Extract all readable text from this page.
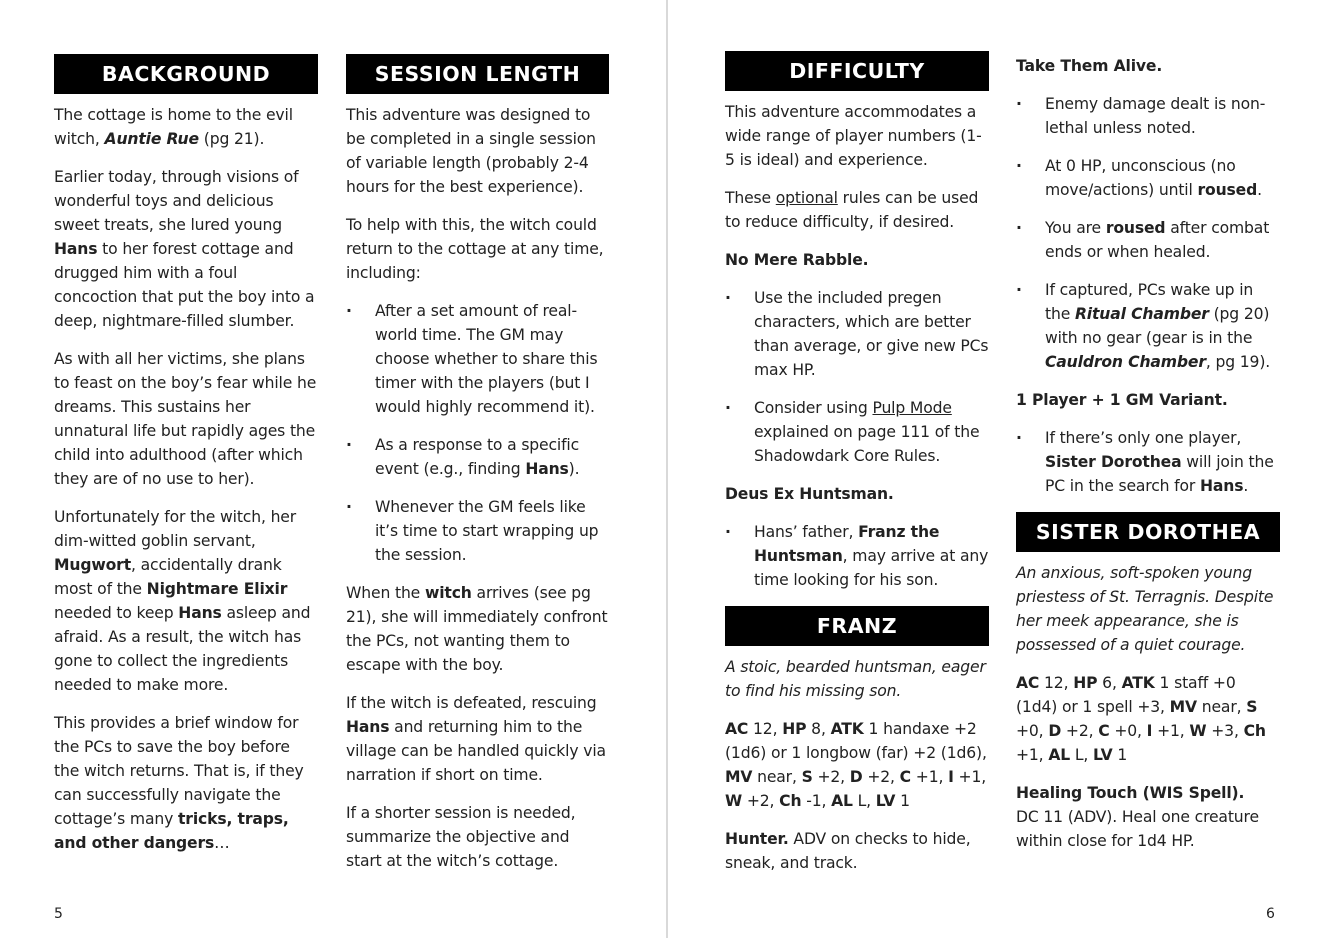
BACKGROUND

The cottage is home to the evil witch, Auntie Rue (pg 21).

Earlier today, through visions of wonderful toys and delicious sweet treats, she lured young Hans to her forest cottage and drugged him with a foul concoction that put the boy into a deep, nightmare-filled slumber.

As with all her victims, she plans to feast on the boy’s fear while he dreams. This sustains her unnatural life but rapidly ages the child into adulthood (after which they are of no use to her).

Unfortunately for the witch, her dim-witted goblin servant, Mugwort, accidentally drank most of the Nightmare Elixir needed to keep Hans asleep and afraid. As a result, the witch has gone to collect the ingredients needed to make more.

This provides a brief window for the PCs to save the boy before the witch returns. That is, if they can successfully navigate the cottage’s many tricks, traps, and other dangers…

SESSION LENGTH

This adventure was designed to be completed in a single session of variable length (probably 2-4 hours for the best experience).

To help with this, the witch could return to the cottage at any time, including:

· After a set amount of real-world time. The GM may choose whether to share this timer with the players (but I would highly recommend it).
· As a response to a specific event (e.g., finding Hans).
· Whenever the GM feels like it’s time to start wrapping up the session.

When the witch arrives (see pg 21), she will immediately confront the PCs, not wanting them to escape with the boy.

If the witch is defeated, rescuing Hans and returning him to the village can be handled quickly via narration if short on time.

If a shorter session is needed, summarize the objective and start at the witch’s cottage.

5
DIFFICULTY

This adventure accommodates a wide range of player numbers (1-5 is ideal) and experience.

These optional rules can be used to reduce difficulty, if desired.

No Mere Rabble.

· Use the included pregen characters, which are better than average, or give new PCs max HP.
· Consider using Pulp Mode explained on page 111 of the Shadowdark Core Rules.

Deus Ex Huntsman.

· Hans’ father, Franz the Huntsman, may arrive at any time looking for his son.
FRANZ

A stoic, bearded huntsman, eager to find his missing son.

AC 12, HP 8, ATK 1 handaxe +2 (1d6) or 1 longbow (far) +2 (1d6), MV near, S +2, D +2, C +1, I +1, W +2, Ch -1, AL L, LV 1

Hunter. ADV on checks to hide, sneak, and track.

Take Them Alive.

· Enemy damage dealt is non-lethal unless noted.
· At 0 HP, unconscious (no move/actions) until roused.
· You are roused after combat ends or when healed.
· If captured, PCs wake up in the Ritual Chamber (pg 20) with no gear (gear is in the Cauldron Chamber, pg 19).

1 Player + 1 GM Variant.

· If there’s only one player, Sister Dorothea will join the PC in the search for Hans.
SISTER DOROTHEA

An anxious, soft-spoken young priestess of St. Terragnis. Despite her meek appearance, she is possessed of a quiet courage.

AC 12, HP 6, ATK 1 staff +0 (1d4) or 1 spell +3, MV near, S +0, D +2, C +0, I +1, W +3, Ch +1, AL L, LV 1

Healing Touch (WIS Spell).
DC 11 (ADV). Heal one creature within close for 1d4 HP.

6
